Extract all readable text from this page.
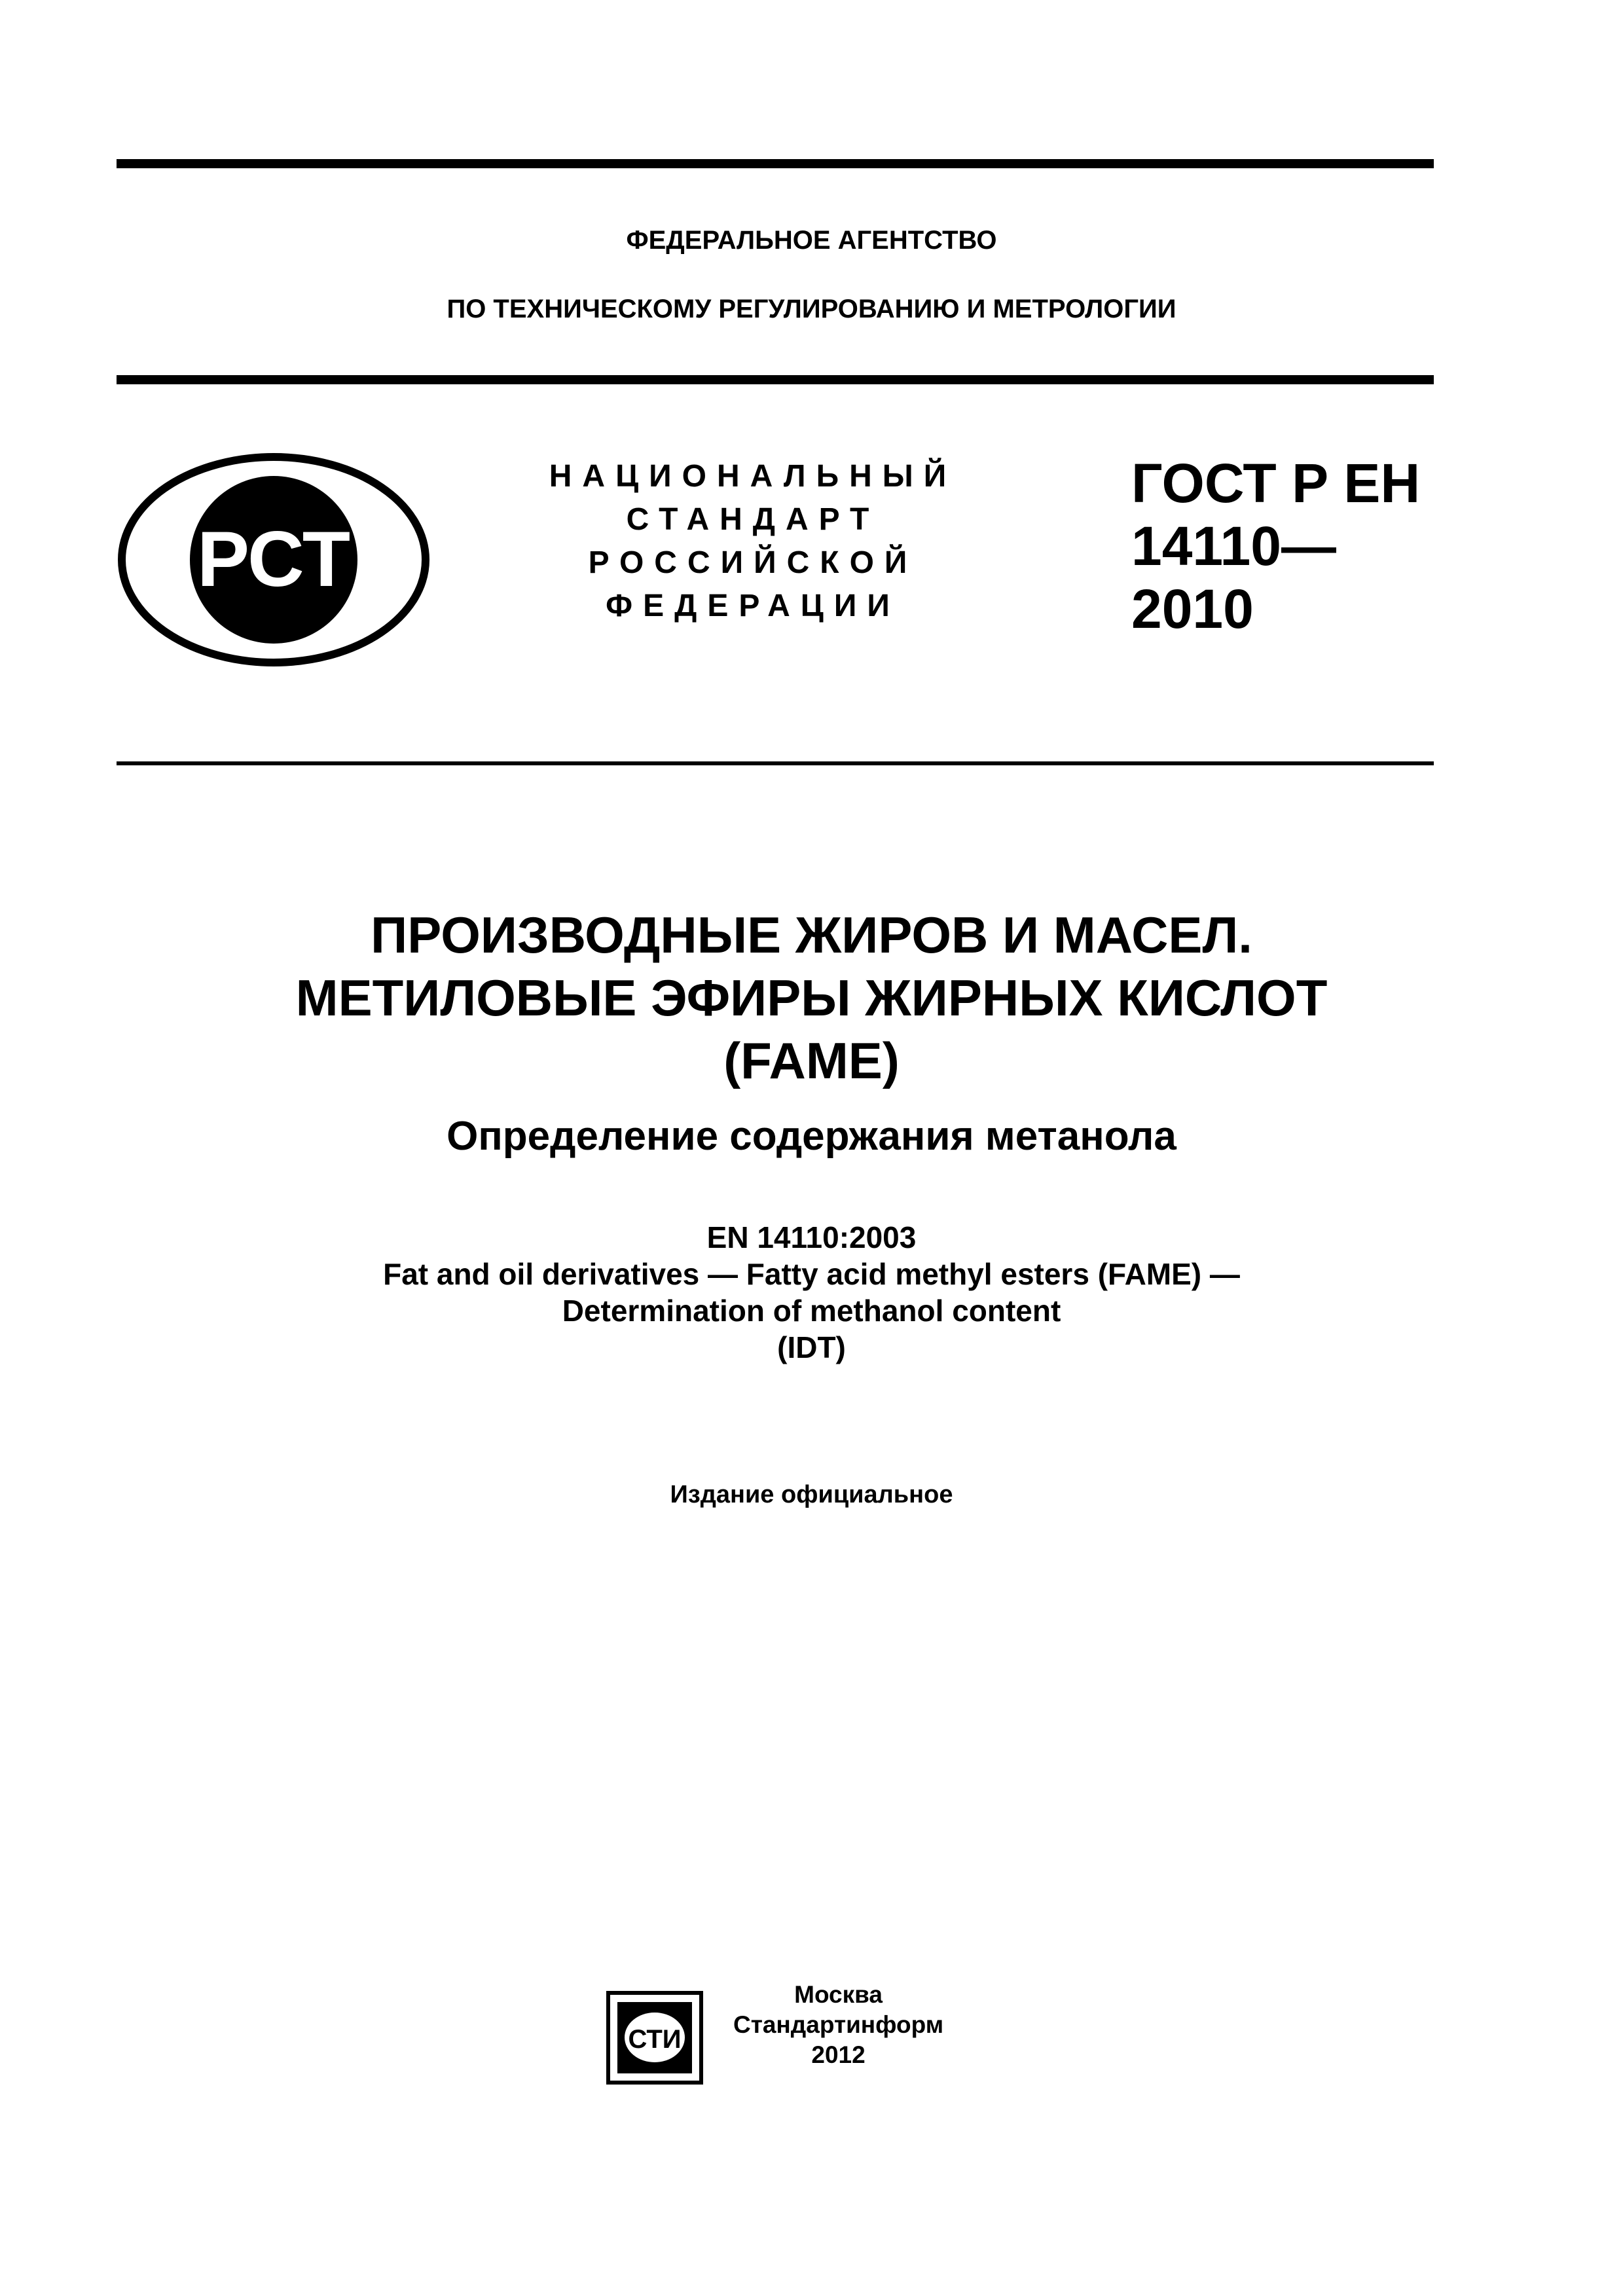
ФЕДЕРАЛЬНОЕ АГЕНТСТВО
ПО ТЕХНИЧЕСКОМУ РЕГУЛИРОВАНИЮ И МЕТРОЛОГИИ
РСТ
НАЦИОНАЛЬНЫЙ
СТАНДАРТ
РОССИЙСКОЙ
ФЕДЕРАЦИИ
ГОСТ Р ЕН
14110—
2010
ПРОИЗВОДНЫЕ ЖИРОВ И МАСЕЛ.
МЕТИЛОВЫЕ ЭФИРЫ ЖИРНЫХ КИСЛОТ
(FAME)
Определение содержания метанола
EN 14110:2003
Fat and oil derivatives — Fatty acid methyl esters (FAME) —
Determination of methanol content
(IDT)
Издание официальное
СТИ
Москва
Стандартинформ
2012
